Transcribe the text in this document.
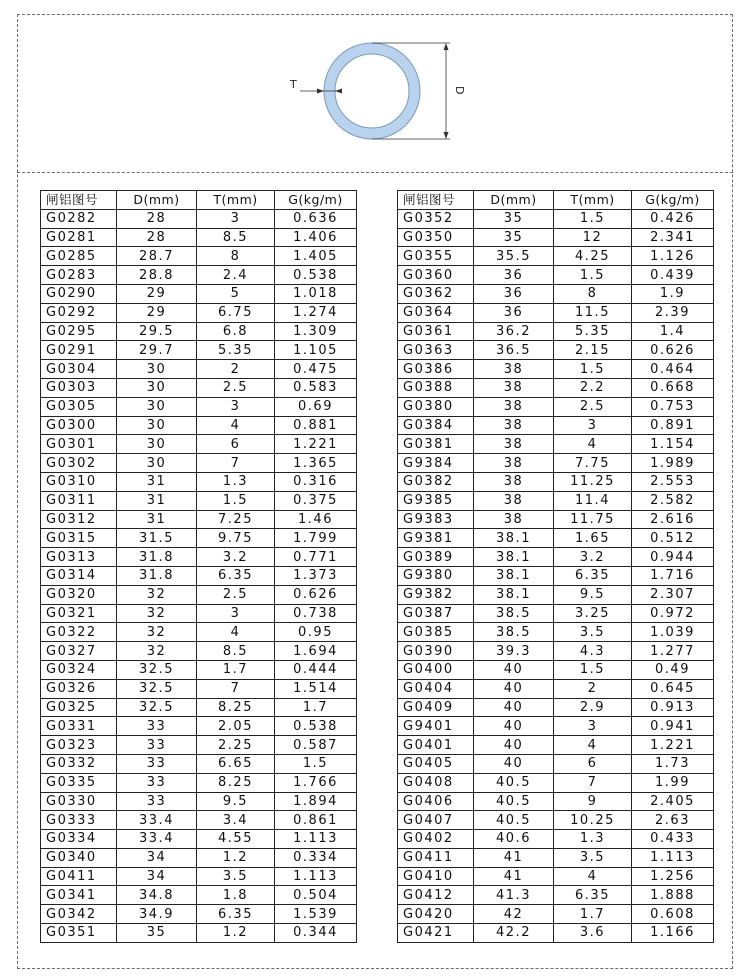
T	D
闸铝图号	D(mm)	T(mm)	G(kg/m)
G0282	28	3	0.636
G0281	28	8.5	1.406
G0285	28.7	8	1.405
G0283	28.8	2.4	0.538
G0290	29	5	1.018
G0292	29	6.75	1.274
G0295	29.5	6.8	1.309
G0291	29.7	5.35	1.105
G0304	30	2	0.475
G0303	30	2.5	0.583
G0305	30	3	0.69
G0300	30	4	0.881
G0301	30	6	1.221
G0302	30	7	1.365
G0310	31	1.3	0.316
G0311	31	1.5	0.375
G0312	31	7.25	1.46
G0315	31.5	9.75	1.799
G0313	31.8	3.2	0.771
G0314	31.8	6.35	1.373
G0320	32	2.5	0.626
G0321	32	3	0.738
G0322	32	4	0.95
G0327	32	8.5	1.694
G0324	32.5	1.7	0.444
G0326	32.5	7	1.514
G0325	32.5	8.25	1.7
G0331	33	2.05	0.538
G0323	33	2.25	0.587
G0332	33	6.65	1.5
G0335	33	8.25	1.766
G0330	33	9.5	1.894
G0333	33.4	3.4	0.861
G0334	33.4	4.55	1.113
G0340	34	1.2	0.334
G0411	34	3.5	1.113
G0341	34.8	1.8	0.504
G0342	34.9	6.35	1.539
G0351	35	1.2	0.344
闸铝图号	D(mm)	T(mm)	G(kg/m)
G0352	35	1.5	0.426
G0350	35	12	2.341
G0355	35.5	4.25	1.126
G0360	36	1.5	0.439
G0362	36	8	1.9
G0364	36	11.5	2.39
G0361	36.2	5.35	1.4
G0363	36.5	2.15	0.626
G0386	38	1.5	0.464
G0388	38	2.2	0.668
G0380	38	2.5	0.753
G0384	38	3	0.891
G0381	38	4	1.154
G9384	38	7.75	1.989
G0382	38	11.25	2.553
G9385	38	11.4	2.582
G9383	38	11.75	2.616
G9381	38.1	1.65	0.512
G0389	38.1	3.2	0.944
G9380	38.1	6.35	1.716
G9382	38.1	9.5	2.307
G0387	38.5	3.25	0.972
G0385	38.5	3.5	1.039
G0390	39.3	4.3	1.277
G0400	40	1.5	0.49
G0404	40	2	0.645
G0409	40	2.9	0.913
G9401	40	3	0.941
G0401	40	4	1.221
G0405	40	6	1.73
G0408	40.5	7	1.99
G0406	40.5	9	2.405
G0407	40.5	10.25	2.63
G0402	40.6	1.3	0.433
G0411	41	3.5	1.113
G0410	41	4	1.256
G0412	41.3	6.35	1.888
G0420	42	1.7	0.608
G0421	42.2	3.6	1.166
